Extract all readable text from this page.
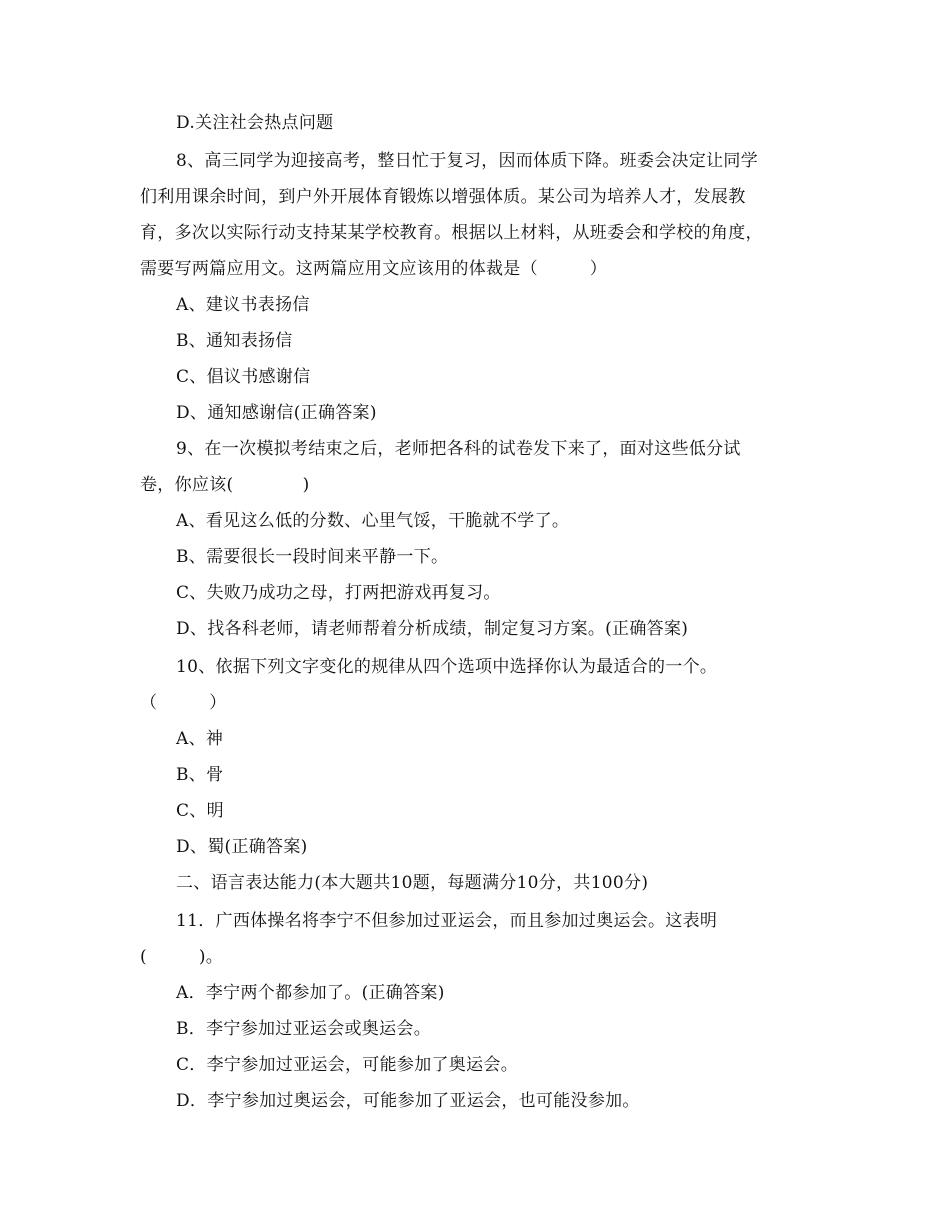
D.关注社会热点问题
8、高三同学为迎接高考，整日忙于复习，因而体质下降。班委会决定让同学
们利用课余时间，到户外开展体育锻炼以增强体质。某公司为培养人才，发展教
育，多次以实际行动支持某某学校教育。根据以上材料，从班委会和学校的角度，
需要写两篇应用文。这两篇应用文应该用的体裁是（　　　）
A、建议书表扬信
B、通知表扬信
C、倡议书感谢信
D、通知感谢信(正确答案)
9、在一次模拟考结束之后，老师把各科的试卷发下来了，面对这些低分试
卷，你应该(　　　　)
A、看见这么低的分数、心里气馁，干脆就不学了。
B、需要很长一段时间来平静一下。
C、失败乃成功之母，打两把游戏再复习。
D、找各科老师，请老师帮着分析成绩，制定复习方案。(正确答案)
10、依据下列文字变化的规律从四个选项中选择你认为最适合的一个。
（　　　）
A、神
B、骨
C、明
D、蜀(正确答案)
二、语言表达能力(本大题共10题，每题满分10分，共100分)
11．广西体操名将李宁不但参加过亚运会，而且参加过奥运会。这表明
(　　　)。
A．李宁两个都参加了。(正确答案)
B．李宁参加过亚运会或奥运会。
C．李宁参加过亚运会，可能参加了奥运会。
D．李宁参加过奥运会，可能参加了亚运会，也可能没参加。
